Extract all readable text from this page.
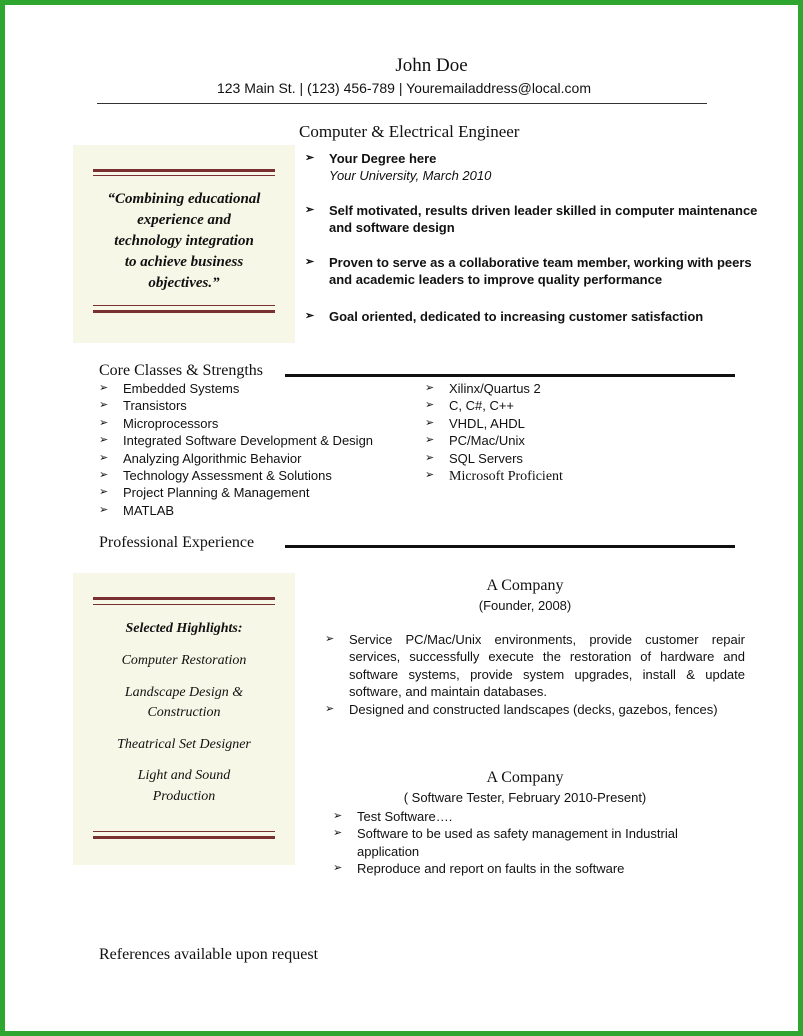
John Doe
123 Main St. | (123) 456-789 | Youremailaddress@local.com
Computer & Electrical Engineer
“Combining educational
experience and
technology integration
to achieve business
objectives.”
➢ Your Degree here
Your University, March 2010
➢ Self motivated, results driven leader skilled in computer maintenance and software design
➢ Proven to serve as a collaborative team member, working with peers and academic leaders to improve quality performance
➢ Goal oriented, dedicated to increasing customer satisfaction
Core Classes & Strengths
➢ Embedded Systems
➢ Transistors
➢ Microprocessors
➢ Integrated Software Development & Design
➢ Analyzing Algorithmic Behavior
➢ Technology Assessment & Solutions
➢ Project Planning & Management
➢ MATLAB
➢ Xilinx/Quartus 2
➢ C, C#, C++
➢ VHDL, AHDL
➢ PC/Mac/Unix
➢ SQL Servers
➢ Microsoft Proficient
Professional Experience
Selected Highlights:
Computer Restoration
Landscape Design &
Construction
Theatrical Set Designer
Light and Sound
Production
A Company
(Founder, 2008)
➢ Service PC/Mac/Unix environments, provide customer repair services, successfully execute the restoration of hardware and software systems, provide system upgrades, install & update software, and maintain databases.
➢ Designed and constructed landscapes (decks, gazebos, fences)
A Company
( Software Tester, February 2010-Present)
➢ Test Software….
➢ Software to be used as safety management in Industrial application
➢ Reproduce and report on faults in the software
References available upon request
